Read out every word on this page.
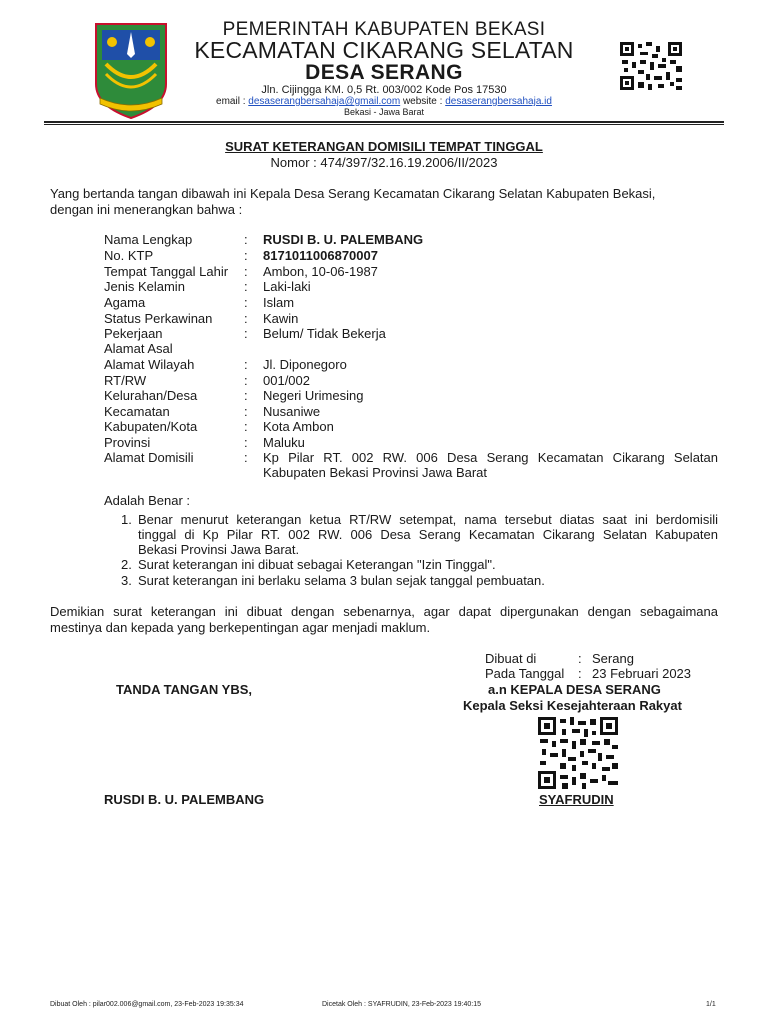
PEMERINTAH KABUPATEN BEKASI
KECAMATAN CIKARANG SELATAN
DESA SERANG
Jln. Cijingga KM. 0,5 Rt. 003/002 Kode Pos 17530
email : desaserangbersahaja@gmail.com website : desaserangbersahaja.id
Bekasi - Jawa Barat
SURAT KETERANGAN DOMISILI TEMPAT TINGGAL
Nomor : 474/397/32.16.19.2006/II/2023
Yang bertanda tangan dibawah ini Kepala Desa Serang Kecamatan Cikarang Selatan Kabupaten Bekasi,
dengan ini menerangkan bahwa :
Nama Lengkap	: RUSDI B. U. PALEMBANG
No. KTP	: 8171011006870007
Tempat Tanggal Lahir : Ambon, 10-06-1987
Jenis Kelamin	: Laki-laki
Agama	: Islam
Status Perkawinan : Kawin
Pekerjaan	: Belum/ Tidak Bekerja
Alamat Asal
Alamat Wilayah	: Jl. Diponegoro
RT/RW	: 001/002
Kelurahan/Desa	: Negeri Urimesing
Kecamatan	: Nusaniwe
Kabupaten/Kota	: Kota Ambon
Provinsi	: Maluku
Alamat Domisili	: Kp Pilar RT. 002 RW. 006 Desa Serang Kecamatan Cikarang Selatan
Kabupaten Bekasi Provinsi Jawa Barat
Adalah Benar :
1. Benar menurut keterangan ketua RT/RW setempat, nama tersebut diatas saat ini berdomisili
tinggal di Kp Pilar RT. 002 RW. 006 Desa Serang Kecamatan Cikarang Selatan Kabupaten
Bekasi Provinsi Jawa Barat.
2. Surat keterangan ini dibuat sebagai Keterangan "Izin Tinggal".
3. Surat keterangan ini berlaku selama 3 bulan sejak tanggal pembuatan.
Demikian surat keterangan ini dibuat dengan sebenarnya, agar dapat dipergunakan dengan sebagaimana
mestinya dan kepada yang berkepentingan agar menjadi maklum.
Dibuat di	: Serang
Pada Tanggal : 23 Februari 2023
TANDA TANGAN YBS,	a.n KEPALA DESA SERANG
Kepala Seksi Kesejahteraan Rakyat
RUSDI B. U. PALEMBANG	SYAFRUDIN
Dibuat Oleh : pilar002.006@gmail.com, 23-Feb-2023 19:35:34	Dicetak Oleh : SYAFRUDIN, 23-Feb-2023 19:40:15	1/1
